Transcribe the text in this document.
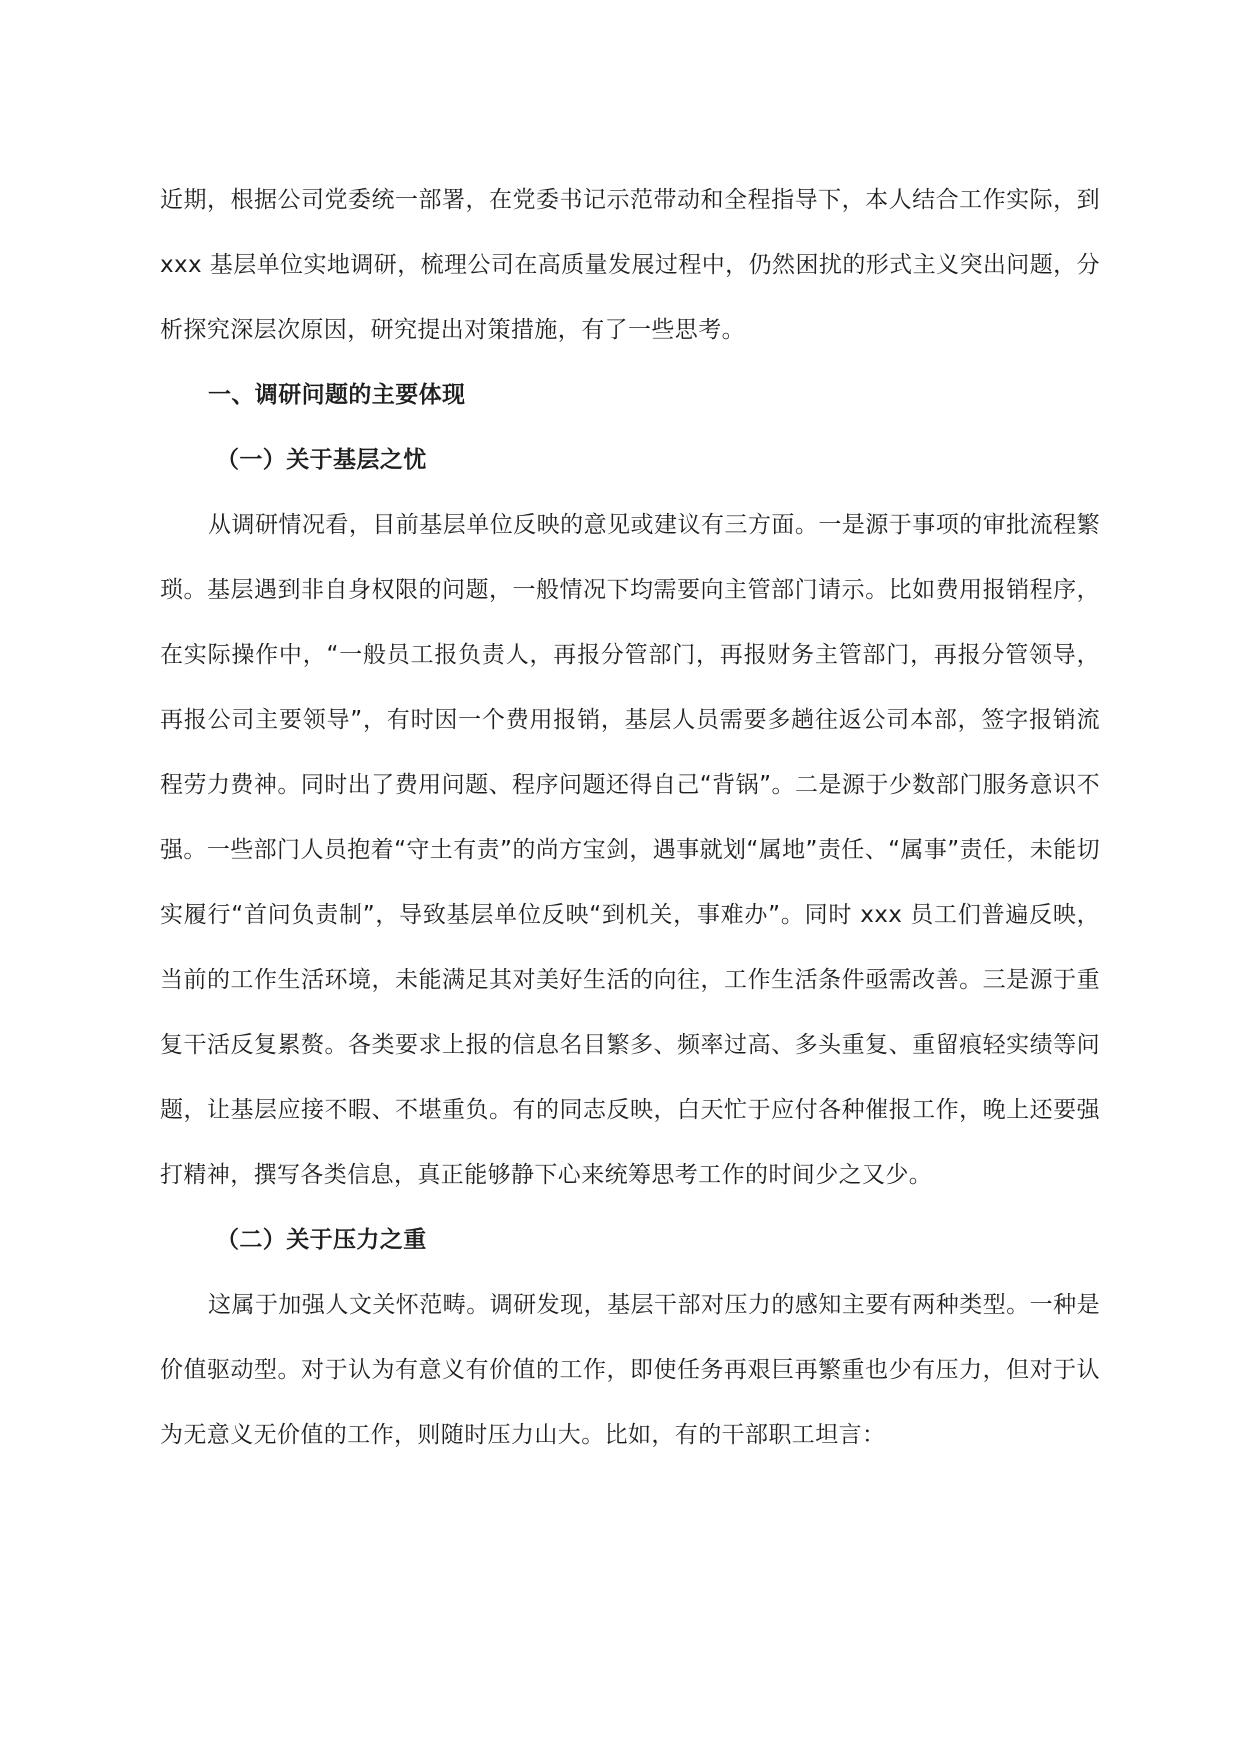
近期，根据公司党委统一部署，在党委书记示范带动和全程指导下，本人结合工作实际，到 xxx 基层单位实地调研，梳理公司在高质量发展过程中，仍然困扰的形式主义突出问题，分析探究深层次原因，研究提出对策措施，有了一些思考。

一、调研问题的主要体现
（一）关于基层之忧

从调研情况看，目前基层单位反映的意见或建议有三方面。一是源于事项的审批流程繁琐。基层遇到非自身权限的问题，一般情况下均需要向主管部门请示。比如费用报销程序，在实际操作中，“一般员工报负责人，再报分管部门，再报财务主管部门，再报分管领导，再报公司主要领导”，有时因一个费用报销，基层人员需要多趟往返公司本部，签字报销流程劳力费神。同时出了费用问题、程序问题还得自己“背锅”。二是源于少数部门服务意识不强。一些部门人员抱着“守土有责”的尚方宝剑，遇事就划“属地”责任、“属事”责任，未能切实履行“首问负责制”，导致基层单位反映“到机关，事难办”。同时 xxx 员工们普遍反映，当前的工作生活环境，未能满足其对美好生活的向往，工作生活条件亟需改善。三是源于重复干活反复累赘。各类要求上报的信息名目繁多、频率过高、多头重复、重留痕轻实绩等问题，让基层应接不暇、不堪重负。有的同志反映，白天忙于应付各种催报工作，晚上还要强打精神，撰写各类信息，真正能够静下心来统筹思考工作的时间少之又少。

（二）关于压力之重

这属于加强人文关怀范畴。调研发现，基层干部对压力的感知主要有两种类型。一种是价值驱动型。对于认为有意义有价值的工作，即使任务再艰巨再繁重也少有压力，但对于认为无意义无价值的工作，则随时压力山大。比如，有的干部职工坦言：
